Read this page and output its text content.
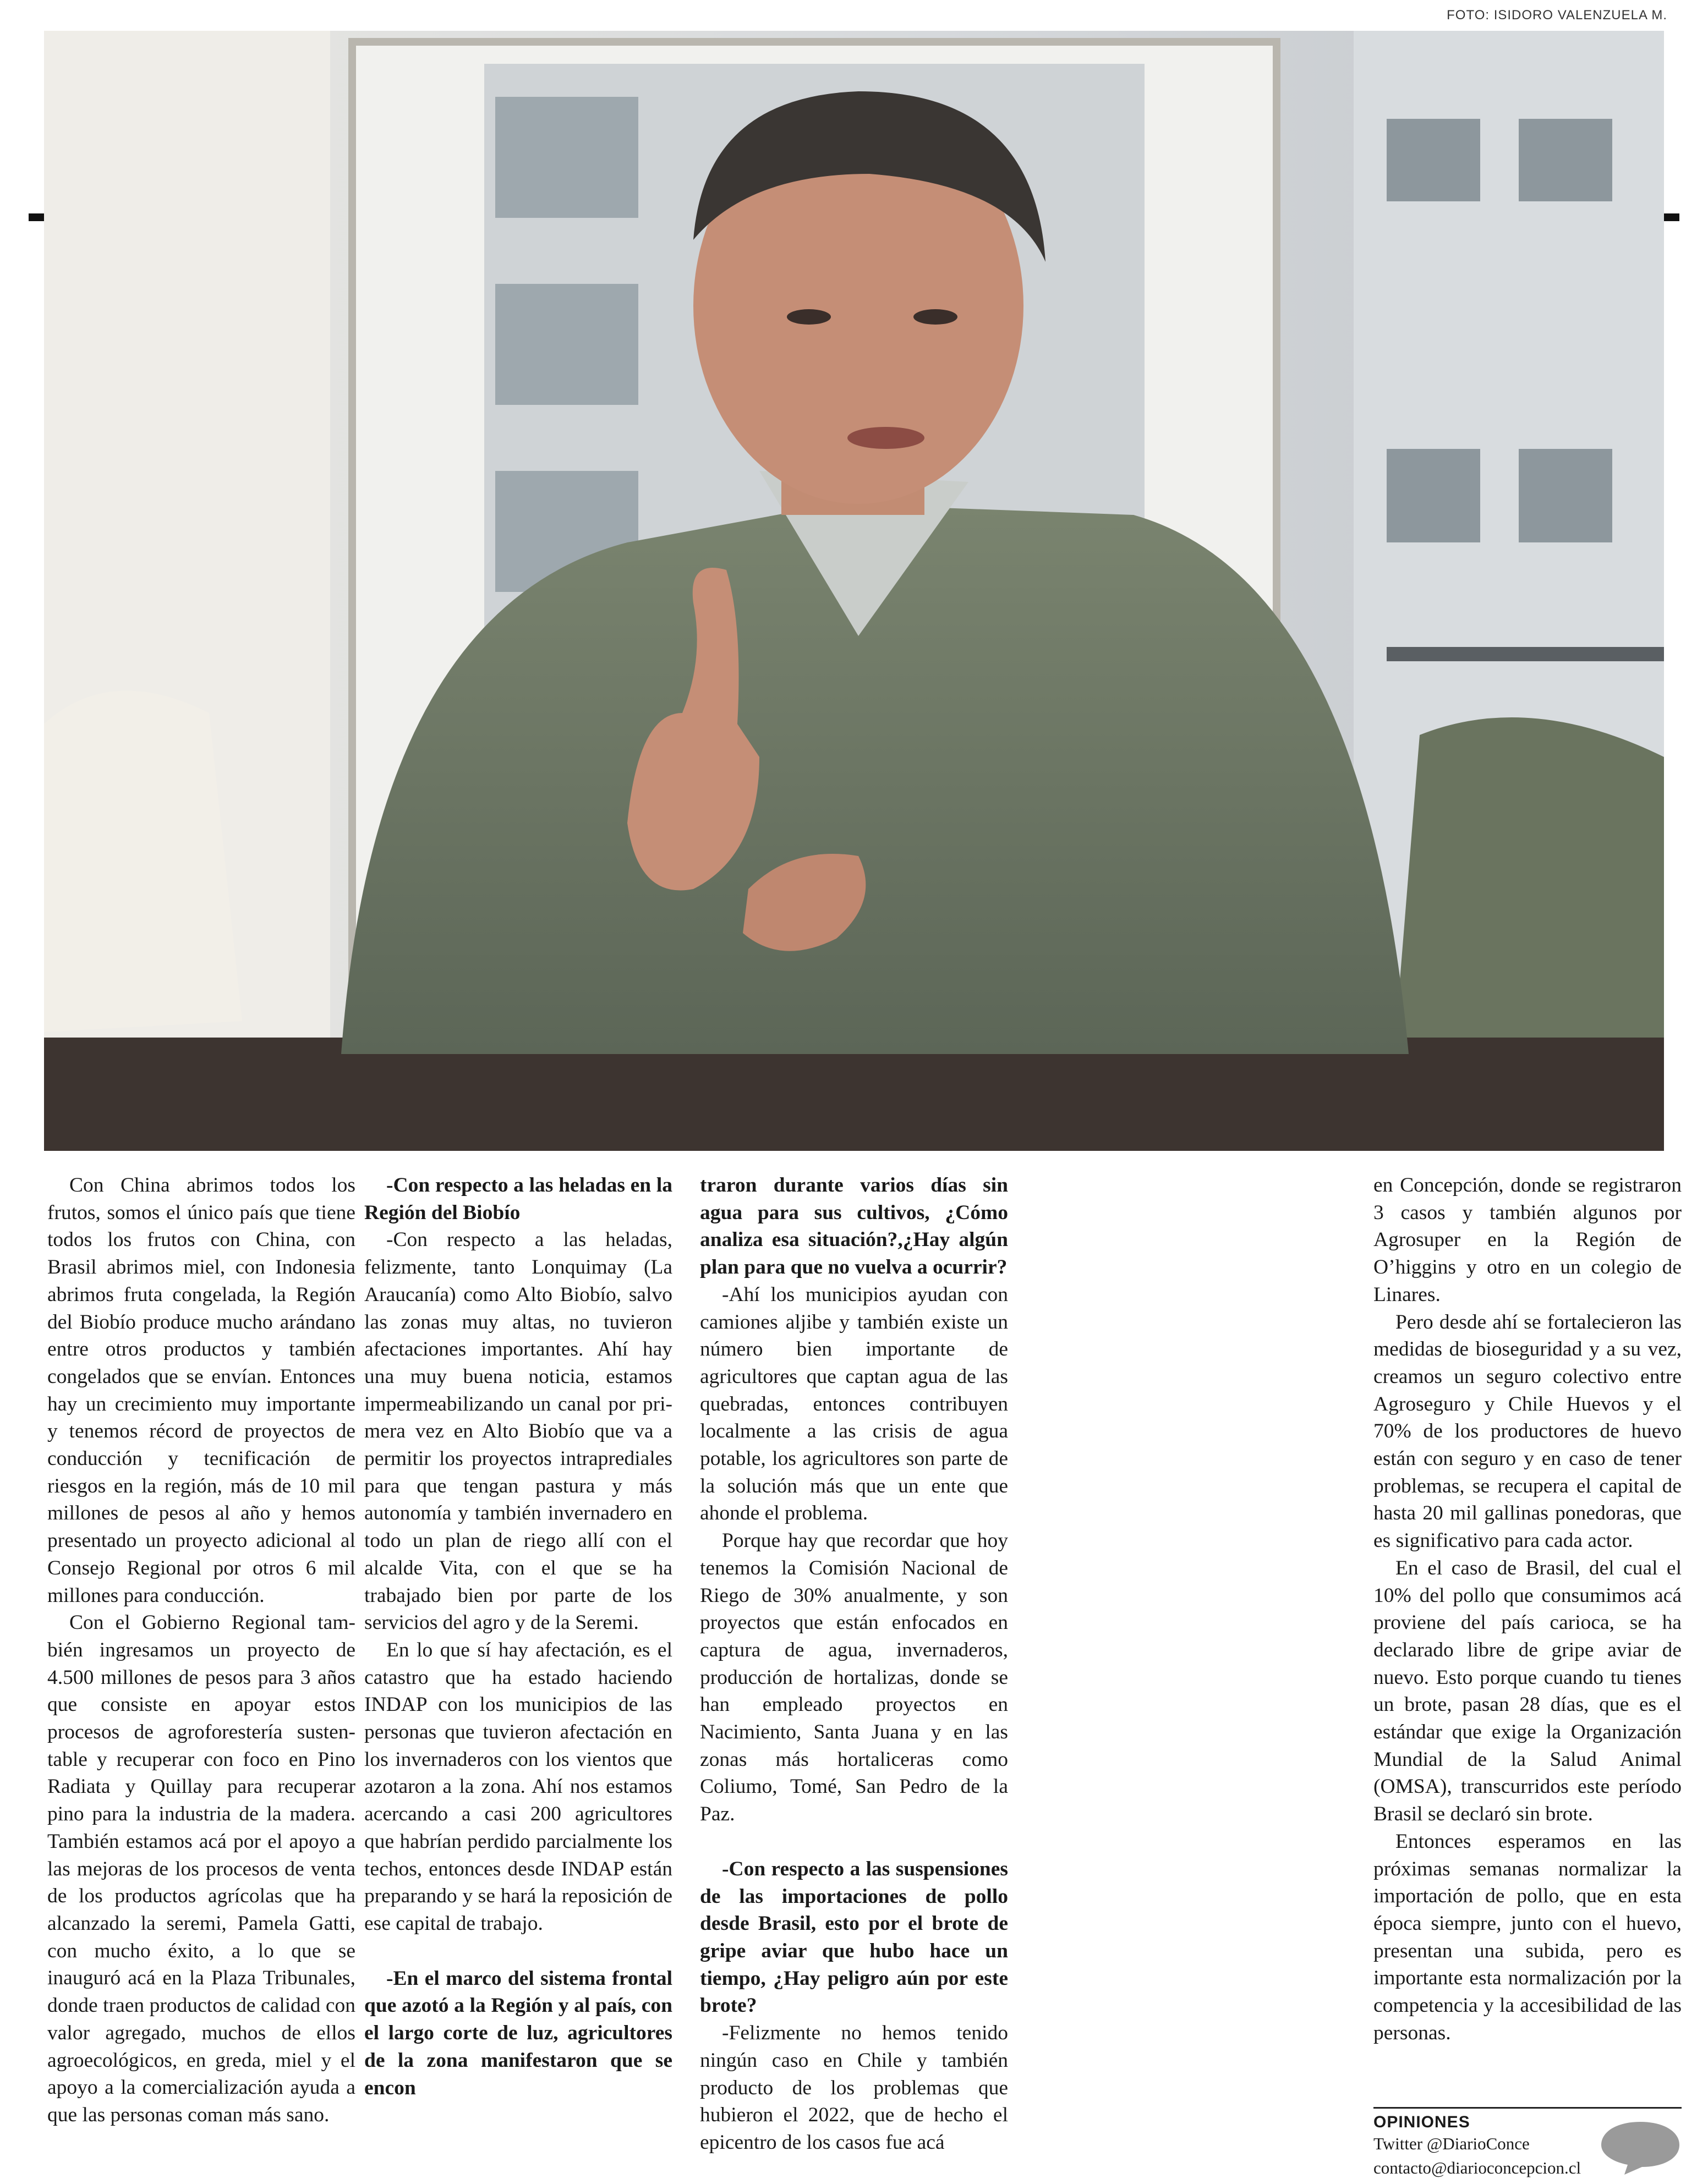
FOTO: ISIDORO VALENZUELA M.

Con China abrimos todos los frutos, somos el único país que tiene todos los frutos con China, con Brasil abrimos miel, con Indonesia abrimos fruta congelada, la Región del Biobío produce mucho arándano entre otros productos y también congelados que se envían. Entonces hay un crecimiento muy importante y tenemos récord de proyectos de conducción y tecnificación de riesgos en la región, más de 10 mil millones de pesos al año y hemos presentado un proyecto adicional al Consejo Regional por otros 6 mil millones para conducción.

Con el Gobierno Regional también ingresamos un proyecto de 4.500 millones de pesos para 3 años que consiste en apoyar estos procesos de agroforestería sustentable y recuperar con foco en Pino Radiata y Quillay para recuperar pino para la industria de la madera. También estamos acá por el apoyo a las mejoras de los procesos de venta de los productos agrícolas que ha alcanzado la seremi, Pamela Gatti, con mucho éxito, a lo que se inauguró acá en la Plaza Tribunales, donde traen productos de calidad con valor agregado, muchos de ellos agroecológicos, en greda, miel y el apoyo a la comercialización ayuda a que las personas coman más sano.

-Con respecto a las heladas en la Región del Biobío

-Con respecto a las heladas, felizmente, tanto Lonquimay (La Araucanía) como Alto Biobío, salvo las zonas muy altas, no tuvieron afectaciones importantes. Ahí hay una muy buena noticia, estamos impermeabilizando un canal por primera vez en Alto Biobío que va a permitir los proyectos intraprediales para que tengan pastura y más autonomía y también invernadero en todo un plan de riego allí con el alcalde Vita, con el que se ha trabajado bien por parte de los servicios del agro y de la Seremi.

En lo que sí hay afectación, es el catastro que ha estado haciendo INDAP con los municipios de las personas que tuvieron afectación en los invernaderos con los vientos que azotaron a la zona. Ahí nos estamos acercando a casi 200 agricultores que habrían perdido parcialmente los techos, entonces desde INDAP están preparando y se hará la reposición de ese capital de trabajo.

-En el marco del sistema frontal que azotó a la Región y al país, con el largo corte de luz, agricultores de la zona manifestaron que se encon

traron durante varios días sin agua para sus cultivos, ¿Cómo analiza esa situación?,¿Hay algún plan para que no vuelva a ocurrir?

-Ahí los municipios ayudan con camiones aljibe y también existe un número bien importante de agricultores que captan agua de las quebradas, entonces contribuyen localmente a las crisis de agua potable, los agricultores son parte de la solución más que un ente que ahonde el problema.

Porque hay que recordar que hoy tenemos la Comisión Nacional de Riego de 30% anualmente, y son proyectos que están enfocados en captura de agua, invernaderos, producción de hortalizas, donde se han empleado proyectos en Nacimiento, Santa Juana y en las zonas más hortaliceras como Coliumo, Tomé, San Pedro de la Paz.

-Con respecto a las suspensiones de las importaciones de pollo desde Brasil, esto por el brote de gripe aviar que hubo hace un tiempo, ¿Hay peligro aún por este brote?

-Felizmente no hemos tenido ningún caso en Chile y también producto de los problemas que hubieron el 2022, que de hecho el epicentro de los casos fue acá

en Concepción, donde se registraron 3 casos y también algunos por Agrosuper en la Región de O’higgins y otro en un colegio de Linares.

Pero desde ahí se fortalecieron las medidas de bioseguridad y a su vez, creamos un seguro colectivo entre Agroseguro y Chile Huevos y el 70% de los productores de huevo están con seguro y en caso de tener problemas, se recupera el capital de hasta 20 mil gallinas ponedoras, que es significativo para cada actor.

En el caso de Brasil, del cual el 10% del pollo que consumimos acá proviene del país carioca, se ha declarado libre de gripe aviar de nuevo. Esto porque cuando tu tienes un brote, pasan 28 días, que es el estándar que exige la Organización Mundial de la Salud Animal (OMSA), transcurridos este período Brasil se declaró sin brote.

Entonces esperamos en las próximas semanas normalizar la importación de pollo, que en esta época siempre, junto con el huevo, presentan una subida, pero es importante esta normalización por la competencia y la accesibilidad de las personas.

OPINIONES
Twitter @DiarioConce
contacto@diarioconcepcion.cl
